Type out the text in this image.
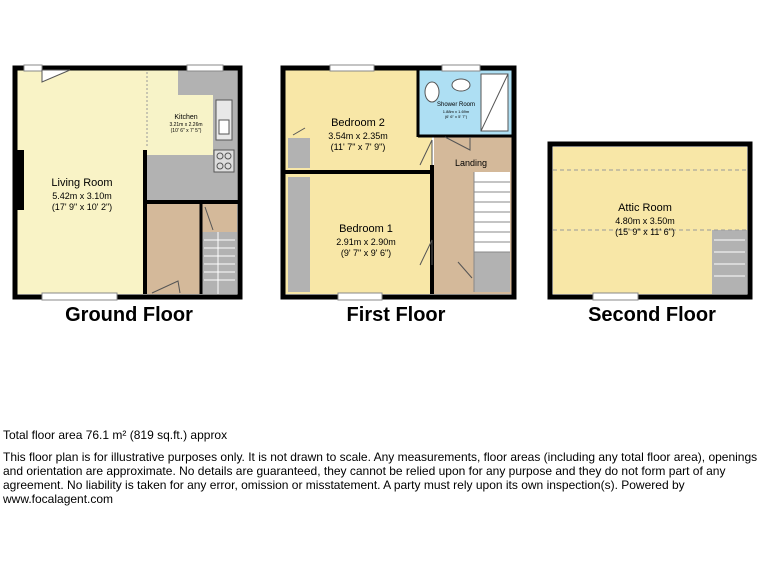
Living Room
5.42m x 3.10m
(17' 9" x 10' 2")
Kitchen
3.21m x 2.26m
(10' 6" x 7' 5")
Bedroom 2
3.54m x 2.35m
(11' 7" x 7' 9")
Bedroom 1
2.91m x 2.90m
(9' 7" x 9' 6")
Shower Room
1.88m x 1.69m
(6' 6" x 5' 7")
Landing
Attic Room
4.80m x 3.50m
(15' 9" x 11' 6")
Ground Floor	First Floor	Second Floor
Total floor area 76.1 m² (819 sq.ft.) approx
This floor plan is for illustrative purposes only. It is not drawn to scale. Any measurements, floor areas (including any total floor area), openings and orientation are approximate. No details are guaranteed, they cannot be relied upon for any purpose and they do not form part of any agreement. No liability is taken for any error, omission or misstatement. A party must rely upon its own inspection(s). Powered by www.focalagent.com
